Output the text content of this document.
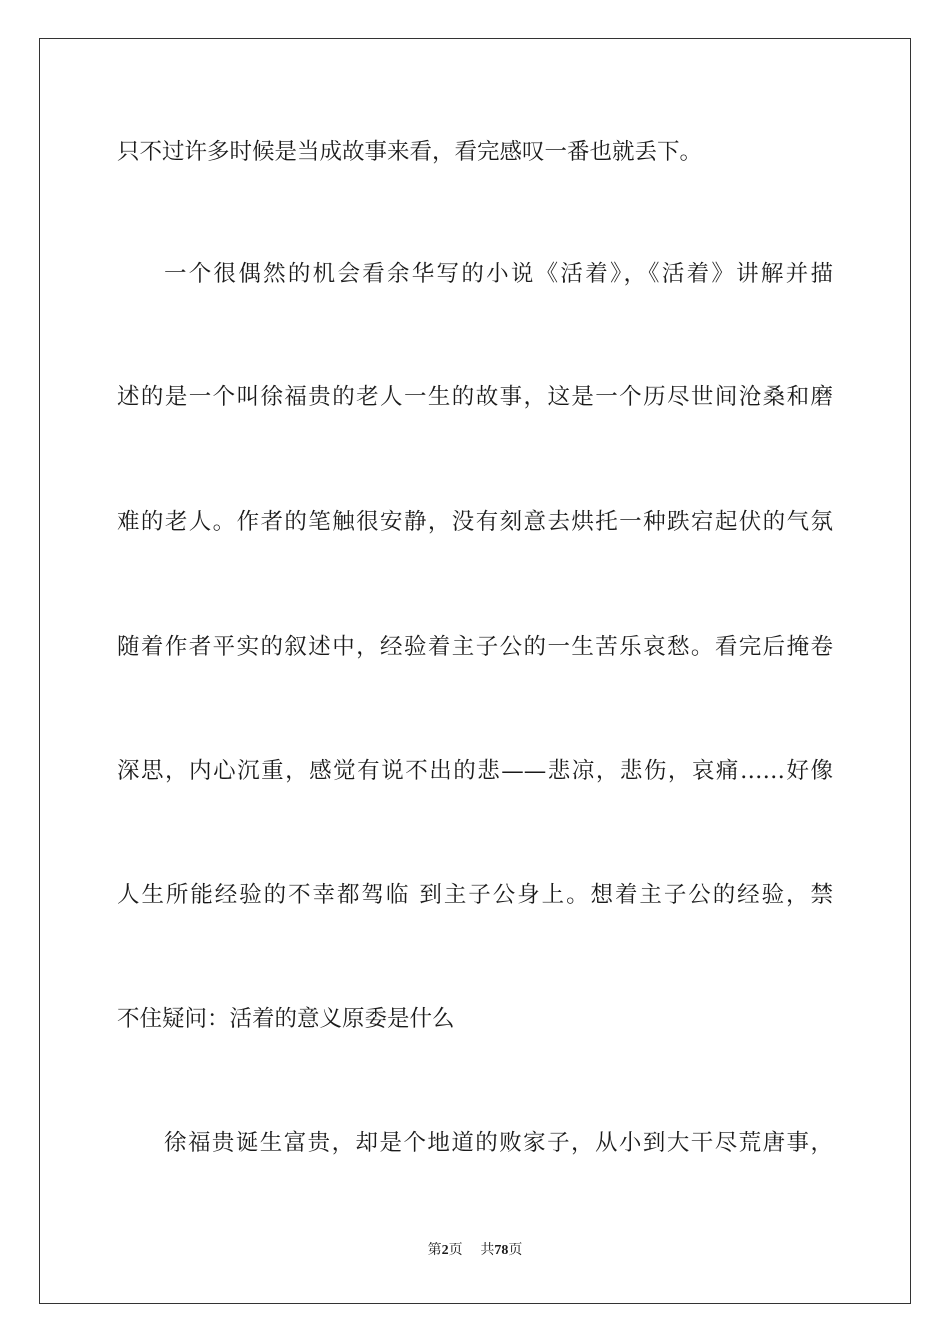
只不过许多时候是当成故事来看，看完感叹一番也就丢下。
一个很偶然的机会看余华写的小说《活着》，《活着》讲解并描
述的是一个叫徐福贵的老人一生的故事，这是一个历尽世间沧桑和磨
难的老人。作者的笔触很安静，没有刻意去烘托一种跌宕起伏的气氛
随着作者平实的叙述中，经验着主子公的一生苦乐哀愁。看完后掩卷
深思，内心沉重，感觉有说不出的悲——悲凉，悲伤，哀痛……好像
人生所能经验的不幸都驾临 到主子公身上。想着主子公的经验，禁
不住疑问：活着的意义原委是什么
徐福贵诞生富贵，却是个地道的败家子，从小到大干尽荒唐事，
第2页 共78页
